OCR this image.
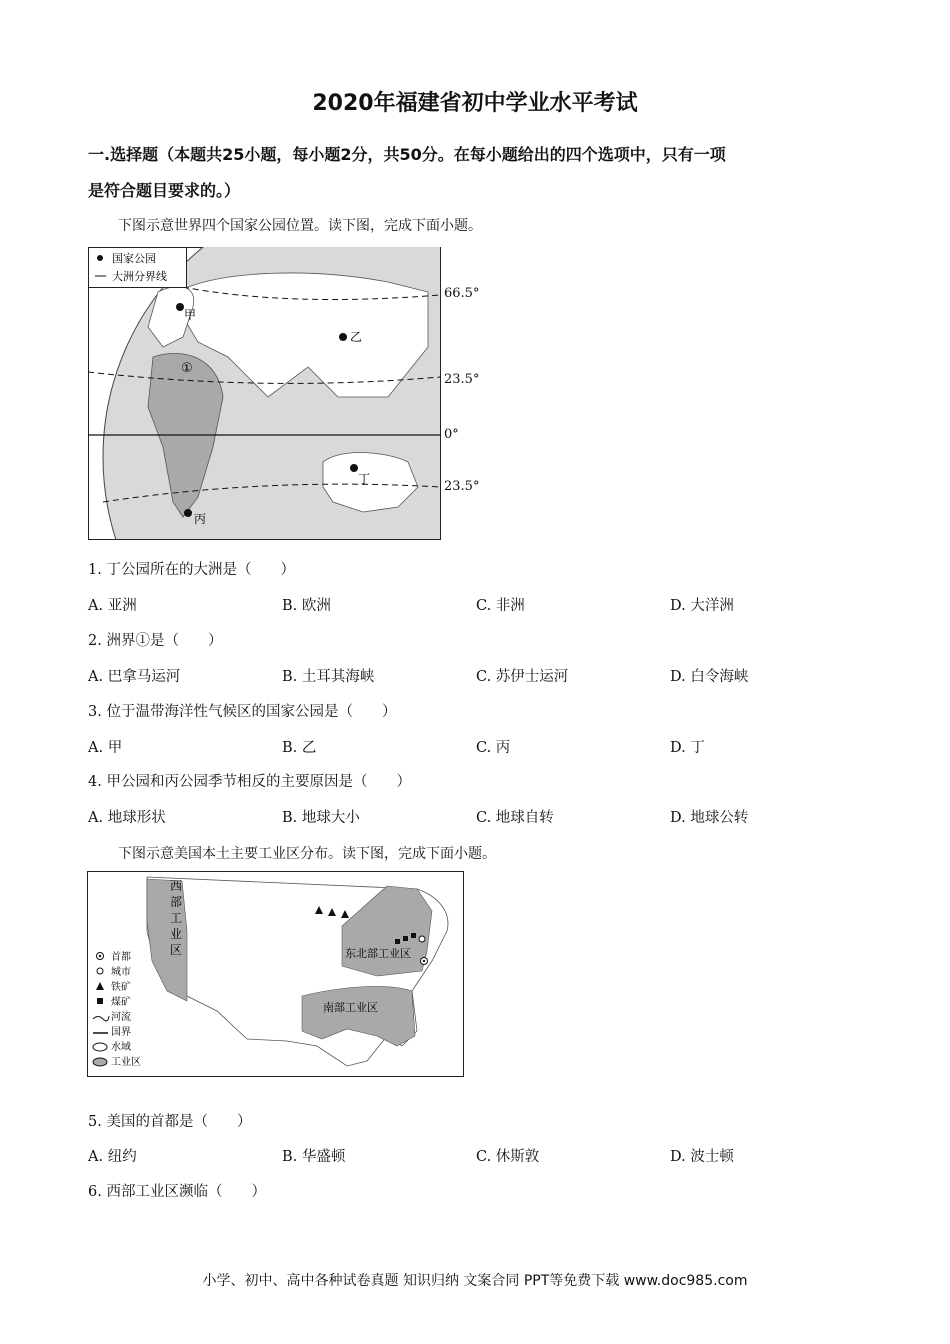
2020年福建省初中学业水平考试
一.选择题（本题共25小题，每小题2分，共50分。在每小题给出的四个选项中，只有一项
是符合题目要求的。）
下图示意世界四个国家公园位置。读下图，完成下面小题。
国家公园
大洲分界线
甲
乙
丙
丁
①
66.5°
23.5°
0°
23.5°
1. 丁公园所在的大洲是（　　）
A. 亚洲	B. 欧洲	C. 非洲	D. 大洋洲
2. 洲界①是（　　）
A. 巴拿马运河	B. 土耳其海峡	C. 苏伊士运河	D. 白令海峡
3. 位于温带海洋性气候区的国家公园是（　　）
A. 甲	B. 乙	C. 丙	D. 丁
4. 甲公园和丙公园季节相反的主要原因是（　　）
A. 地球形状	B. 地球大小	C. 地球自转	D. 地球公转
下图示意美国本土主要工业区分布。读下图，完成下面小题。
西
部
工
业
区	东北部工业区
南部工业区
首都
城市
铁矿
煤矿
河流
国界
水域
工业区
5. 美国的首都是（　　）
A. 纽约	B. 华盛顿	C. 休斯敦	D. 波士顿
6. 西部工业区濒临（　　）
小学、初中、高中各种试卷真题 知识归纳 文案合同 PPT等免费下载 www.doc985.com
